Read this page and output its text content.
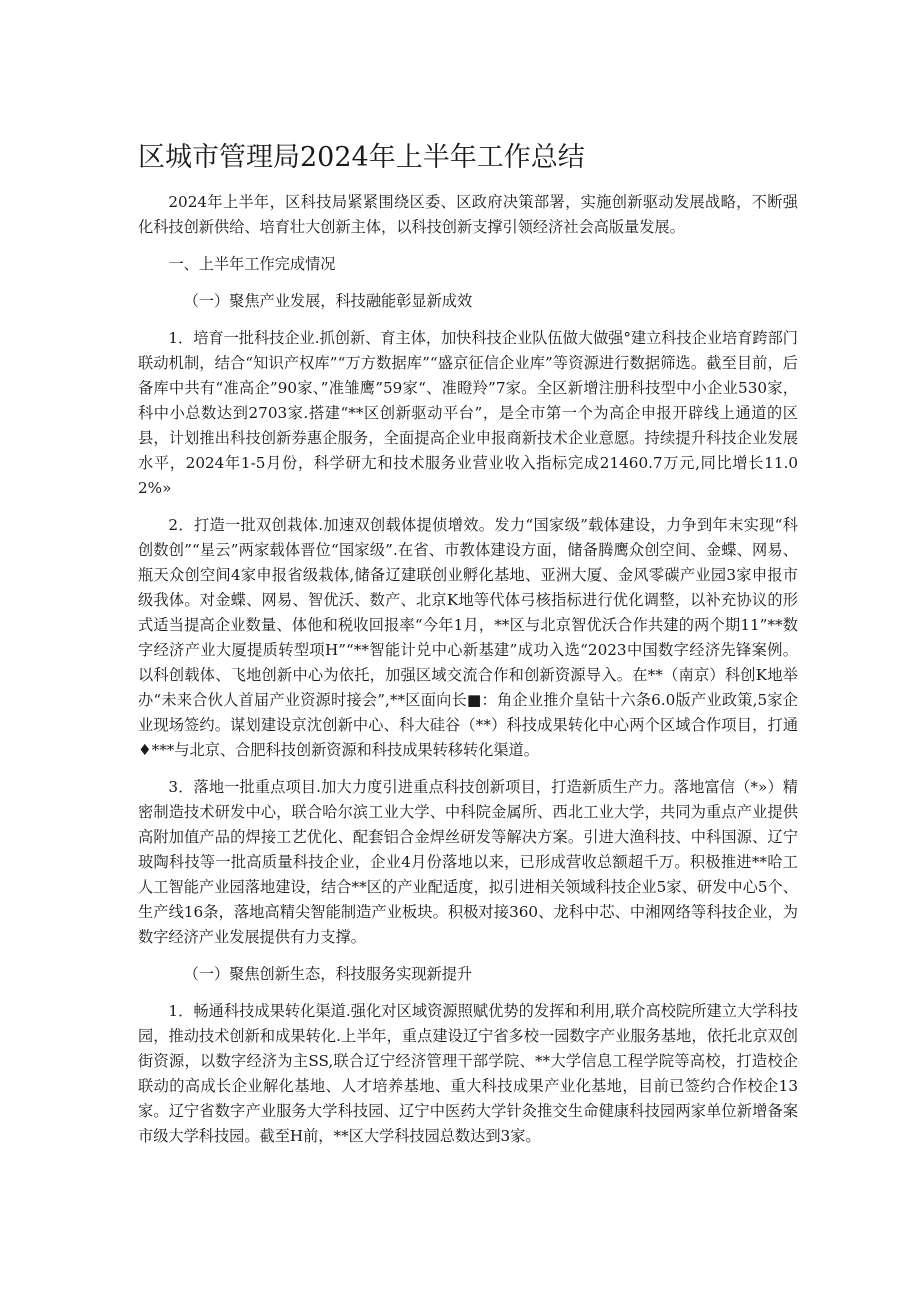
区城市管理局2024年上半年工作总结

2024年上半年，区科技局紧紧围绕区委、区政府决策部署，实施创新驱动发展战略，不断强化科技创新供给、培育壮大创新主体，以科技创新支撑引领经济社会高版量发展。

一、上半年工作完成情况

（一）聚焦产业发展，科技融能彰显新成效

1．培育一批科技企业.抓创新、育主体，加快科技企业队伍做大做强°建立科技企业培育跨部门联动机制，结合“知识产权库”“万方数据库”“盛京征信企业库”等资源进行数据筛选。截至目前，后备库中共有“准高企”90家、”准雏鹰”59家“、准瞪羚”7家。全区新增注册科技型中小企业530家，科中小总数达到2703家.搭建“**区创新驱动平台”，是全市第一个为高企申报开辟线上通道的区县，计划推出科技创新券惠企服务，全面提高企业申报商新技术企业意愿。持续提升科技企业发展水平，2024年1-5月份，科学研尢和技术服务业营业收入指标完成21460.7万元,同比增长11.02%»

2．打造一批双创栽体.加速双创载体提侦增效。发力“国家级”载体建设，力争到年末实现“科创数创”“星云”两家载体晋位“国家级”.在省、市教体建设方面，储备腾鹰众创空间、金蝶、网易、瓶天众创空间4家申报省级栽体,储备辽建联创业孵化基地、亚洲大厦、金风零碳产业园3家申报市级我体。对金蝶、网易、智优沃、数产、北京K地等代体弓核指标进行优化调整，以补充协议的形式适当提高企业数量、体他和税收回报率“今年1月，**区与北京智优沃合作共建的两个期11”**数字经济产业大厦提质转型项H”“**智能计兑中心新基建”成功入选“2023中国数字经济先锋案例。以科创载体、飞地创新中心为依托，加强区域交流合作和创新资源导入。在**（南京）科创K地举办“未来合伙人首届产业资源时接会”,**区面向长■：角企业推介皇钻十六条6.0版产业政策,5家企业现场签约。谋划建设京沈创新中心、科大硅谷（**）科技成果转化中心两个区域合作项目，打通♦***与北京、合肥科技创新资源和科技成果转移转化渠道。

3．落地一批重点项目.加大力度引进重点科技创新项目，打造新质生产力。落地富信（*»）精密制造技术研发中心，联合哈尔滨工业大学、中科院金属所、西北工业大学，共同为重点产业提供高附加值产品的焊接工艺优化、配套铝合金焊丝研发等解决方案。引进大渔科技、中科国源、辽宁玻陶科技等一批高质量科技企业，企业4月份落地以来，已形成营收总额超千万。积极推进**哈工人工智能产业园落地建设，结合**区的产业配适度，拟引进相关领域科技企业5家、研发中心5个、生产线16条，落地高精尖智能制造产业板块。积极对接360、龙科中芯、中湘网络等科技企业，为数字经济产业发展提供有力支撑。

（一）聚焦创新生态，科技服务实现新提升

1．畅通科技成果转化渠道.强化对区域资源照赋优势的发挥和利用,联介高校院所建立大学科技园，推动技术创新和成果转化.上半年，重点建设辽宁省多校一园数字产业服务基地，依托北京双创街资源，以数字经济为主SS,联合辽宁经济管理干部学院、**大学信息工程学院等高校，打造校企联动的高成长企业解化基地、人才培养基地、重大科技成果产业化基地，目前已签约合作校企13家。辽宁省数字产业服务大学科技园、辽宁中医药大学针灸推交生命健康科技园两家单位新增备案市级大学科技园。截至H前，**区大学科技园总数达到3家。
